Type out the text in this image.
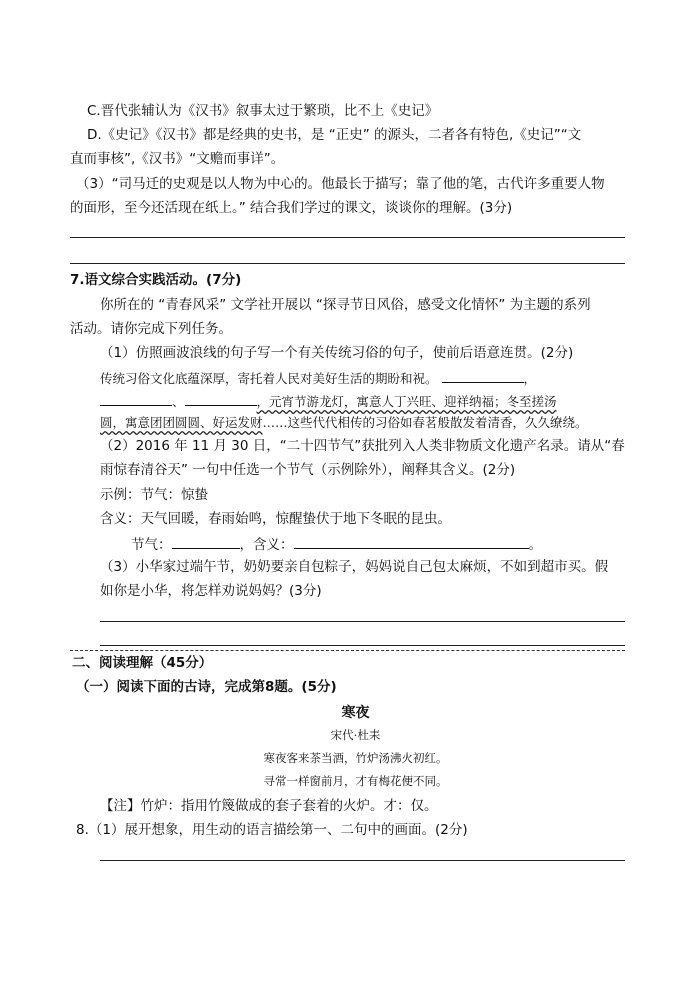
C.晋代张辅认为《汉书》叙事太过于繁琐，比不上《史记》
D.《史记》《汉书》都是经典的史书，是 “正史” 的源头，二者各有特色,《史记”“文
直而事核”,《汉书》“文赡而事详”。
（3）“司马迁的史观是以人物为中心的。他最长于描写；靠了他的笔，古代许多重要人物
的面形，至今还活现在纸上。” 结合我们学过的课文，谈谈你的理解。(3分)
7.语文综合实践活动。(7分)
你所在的 “青春风采” 文学社开展以 “探寻节日风俗，感受文化情怀” 为主题的系列
活动。请你完成下列任务。
（1）仿照画波浪线的句子写一个有关传统习俗的句子，使前后语意连贯。(2分)
传统习俗文化底蕴深厚，寄托着人民对美好生活的期盼和祝。	，
、	，元宵节游龙灯，寓意人丁兴旺、迎祥纳福；冬至搓汤
圆，寓意团团圆圆、好运发财……这些代代相传的习俗如春茗般散发着清香，久久缭绕。
（2）2016 年 11 月 30 日，“二十四节气”获批列入人类非物质文化遗产名录。请从“春
雨惊春清谷天” 一句中任选一个节气（示例除外），阐释其含义。(2分)
示例：节气：惊蛰
含义：天气回暖，春雨始鸣，惊醒蛰伏于地下冬眠的昆虫。
节气：	，含义：	。
（3）小华家过端午节，奶奶要亲自包粽子，妈妈说自己包太麻烦，不如到超市买。假
如你是小华，将怎样劝说妈妈？(3分)
二、阅读理解（45分）
（一）阅读下面的古诗，完成第8题。(5分)
寒夜
宋代·杜耒
寒夜客来茶当酒，竹炉汤沸火初红。
寻常一样窗前月，才有梅花便不同。
【注】竹炉：指用竹篾做成的套子套着的火炉。才：仅。
8.（1）展开想象，用生动的语言描绘第一、二句中的画面。(2分)
